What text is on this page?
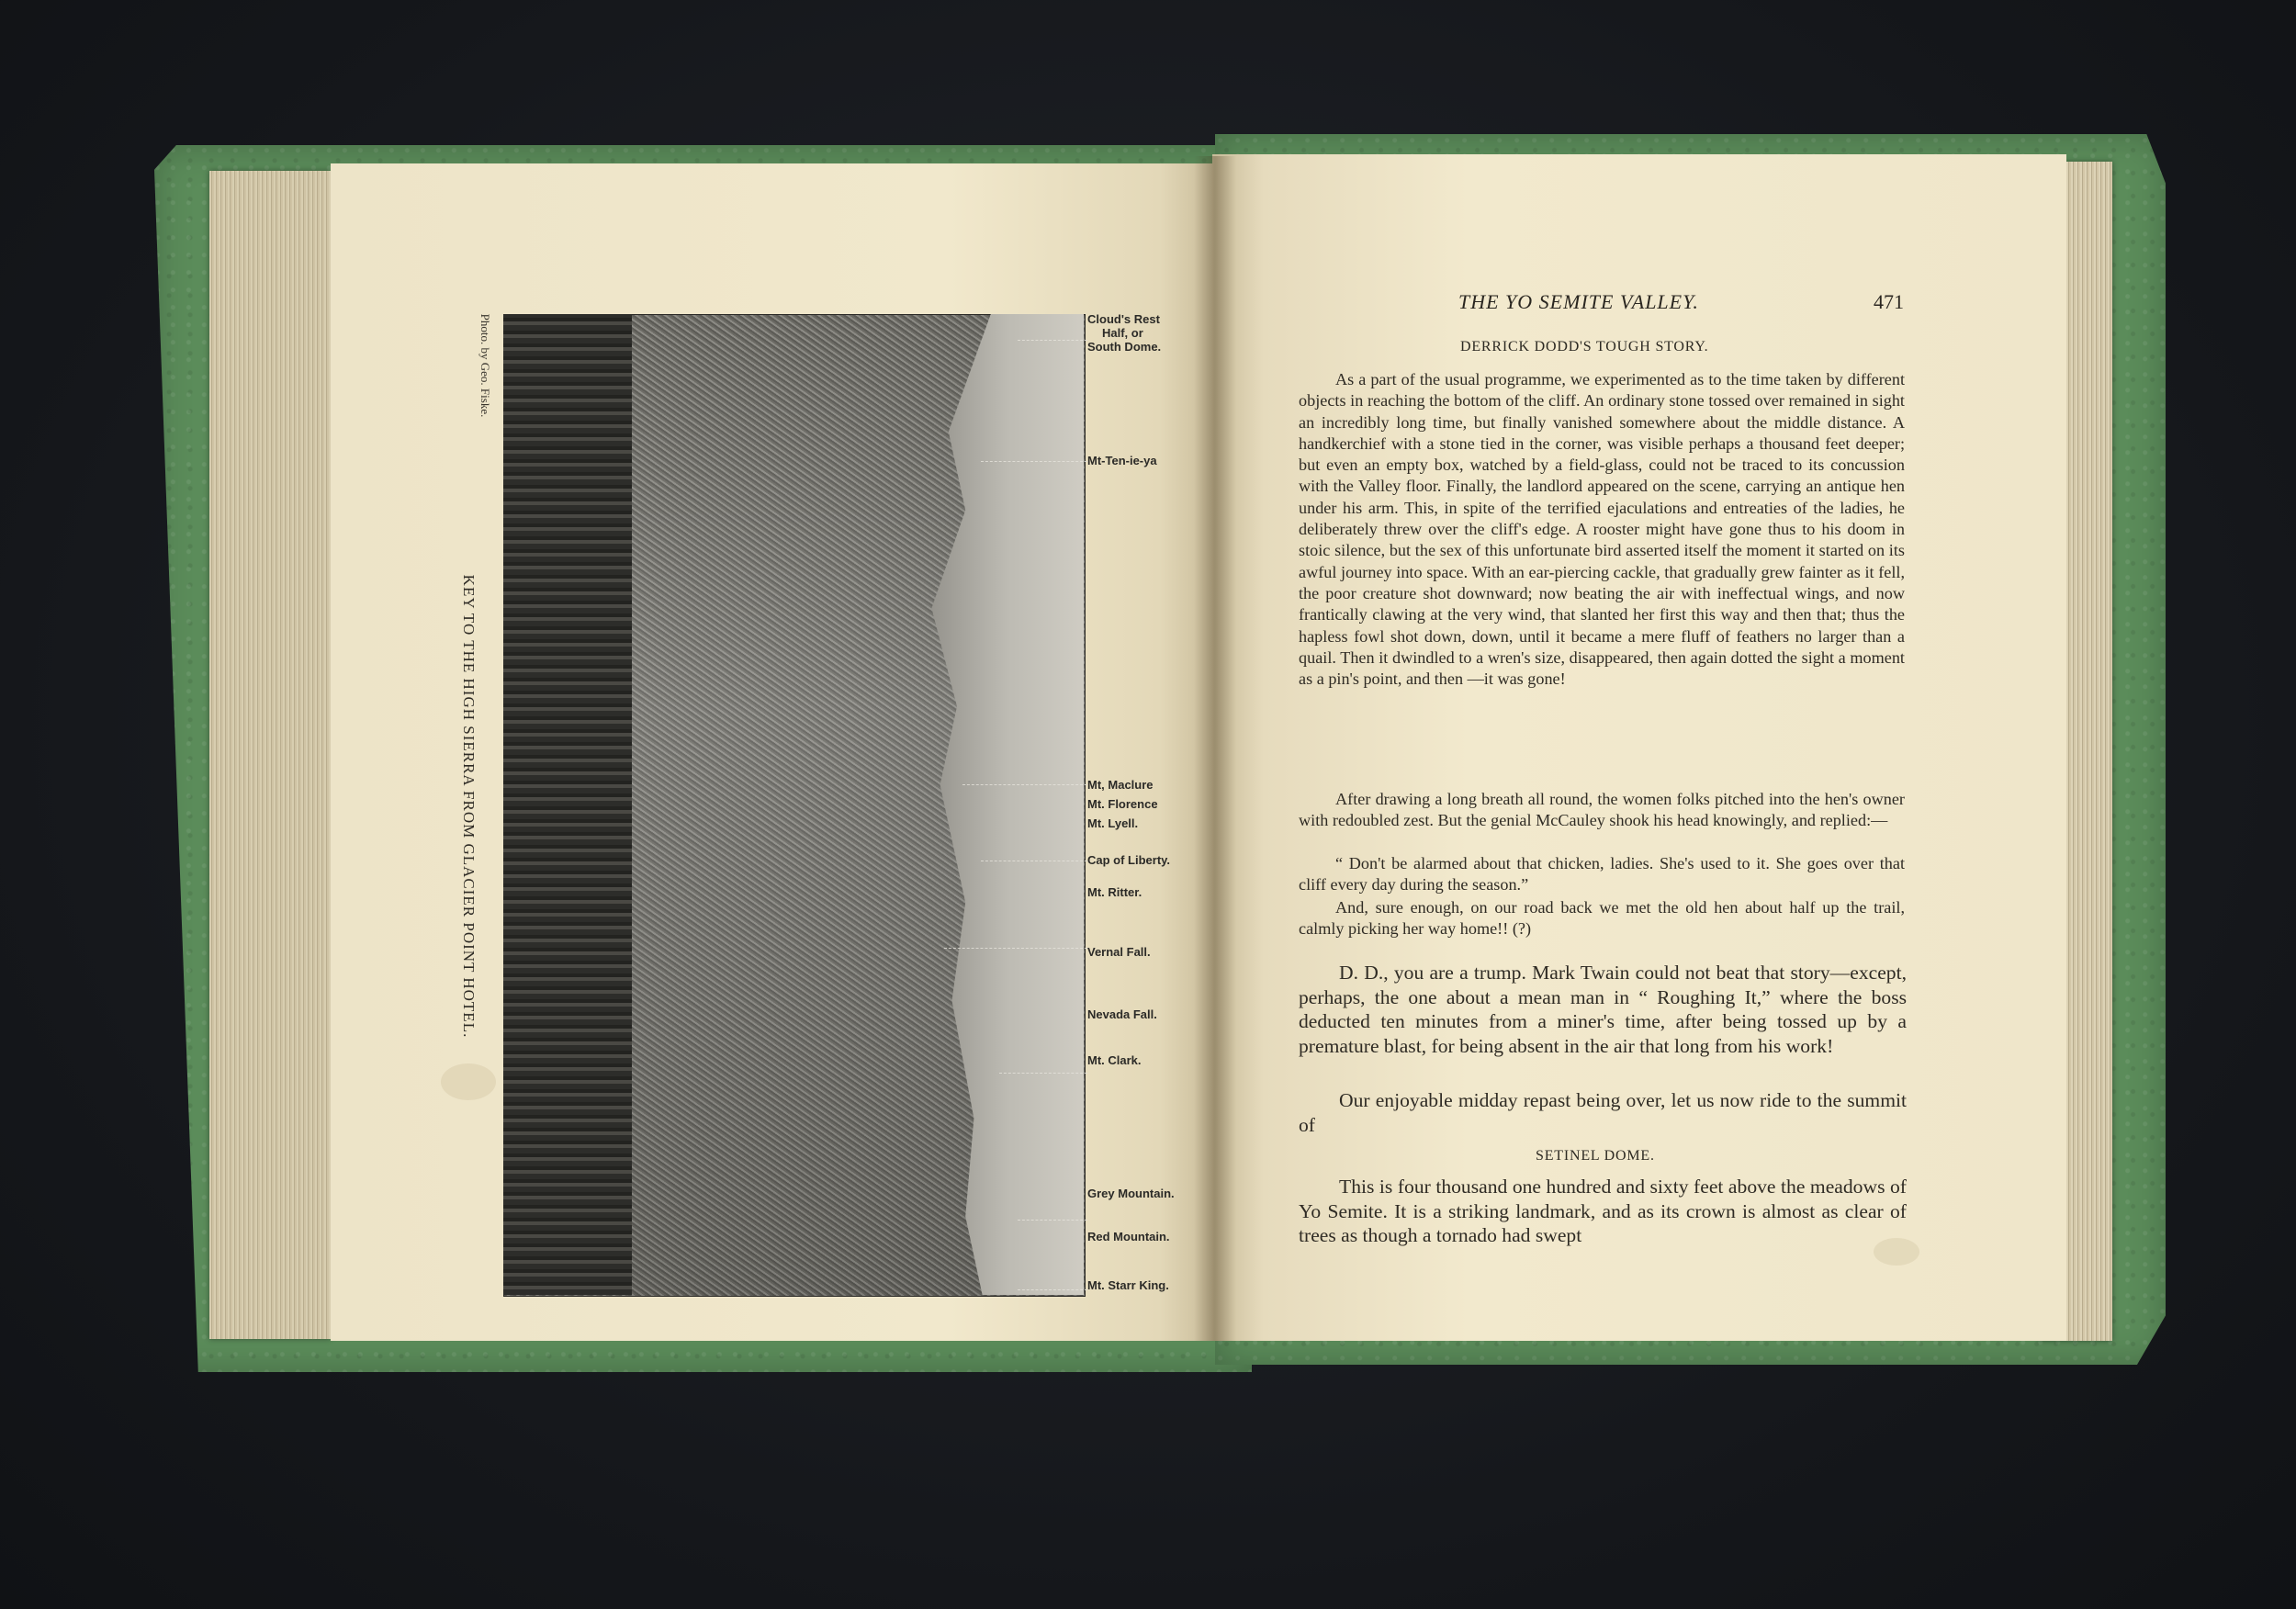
Cloud's Rest
Half, or
South Dome.
Mt-Ten-ie-ya
Mt, Maclure
Mt. Florence
Mt. Lyell.
Cap of Liberty.
Mt. Ritter.
Vernal Fall.
Nevada Fall.
Mt. Clark.
Grey Mountain.
Red Mountain.
Mt. Starr King.
Photo. by Geo. Fiske.
KEY TO THE HIGH SIERRA FROM GLACIER POINT HOTEL.
THE YO SEMITE VALLEY.	471
DERRICK DODD'S TOUGH STORY.

As a part of the usual programme, we experimented as to the time taken by different objects in reaching the bottom of the cliff. An ordinary stone tossed over remained in sight an incredibly long time, but finally vanished somewhere about the middle distance. A handkerchief with a stone tied in the corner, was visible perhaps a thousand feet deeper; but even an empty box, watched by a field-glass, could not be traced to its concussion with the Valley floor. Finally, the landlord appeared on the scene, carrying an antique hen under his arm. This, in spite of the terrified ejaculations and entreaties of the ladies, he deliberately threw over the cliff's edge. A rooster might have gone thus to his doom in stoic silence, but the sex of this unfortunate bird asserted itself the moment it started on its awful journey into space. With an ear-piercing cackle, that gradually grew fainter as it fell, the poor creature shot downward; now beating the air with ineffectual wings, and now frantically clawing at the very wind, that slanted her first this way and then that; thus the hapless fowl shot down, down, until it became a mere fluff of feathers no larger than a quail. Then it dwindled to a wren's size, disappeared, then again dotted the sight a moment as a pin's point, and then —it was gone!

After drawing a long breath all round, the women folks pitched into the hen's owner with redoubled zest. But the genial McCauley shook his head knowingly, and replied:—

“ Don't be alarmed about that chicken, ladies. She's used to it. She goes over that cliff every day during the season.”

And, sure enough, on our road back we met the old hen about half up the trail, calmly picking her way home!! (?)

D. D., you are a trump. Mark Twain could not beat that story—except, perhaps, the one about a mean man in “ Roughing It,” where the boss deducted ten minutes from a miner's time, after being tossed up by a premature blast, for being absent in the air that long from his work!

Our enjoyable midday repast being over, let us now ride to the summit of

SETINEL DOME.

This is four thousand one hundred and sixty feet above the meadows of Yo Semite. It is a striking landmark, and as its crown is almost as clear of trees as though a tornado had swept
